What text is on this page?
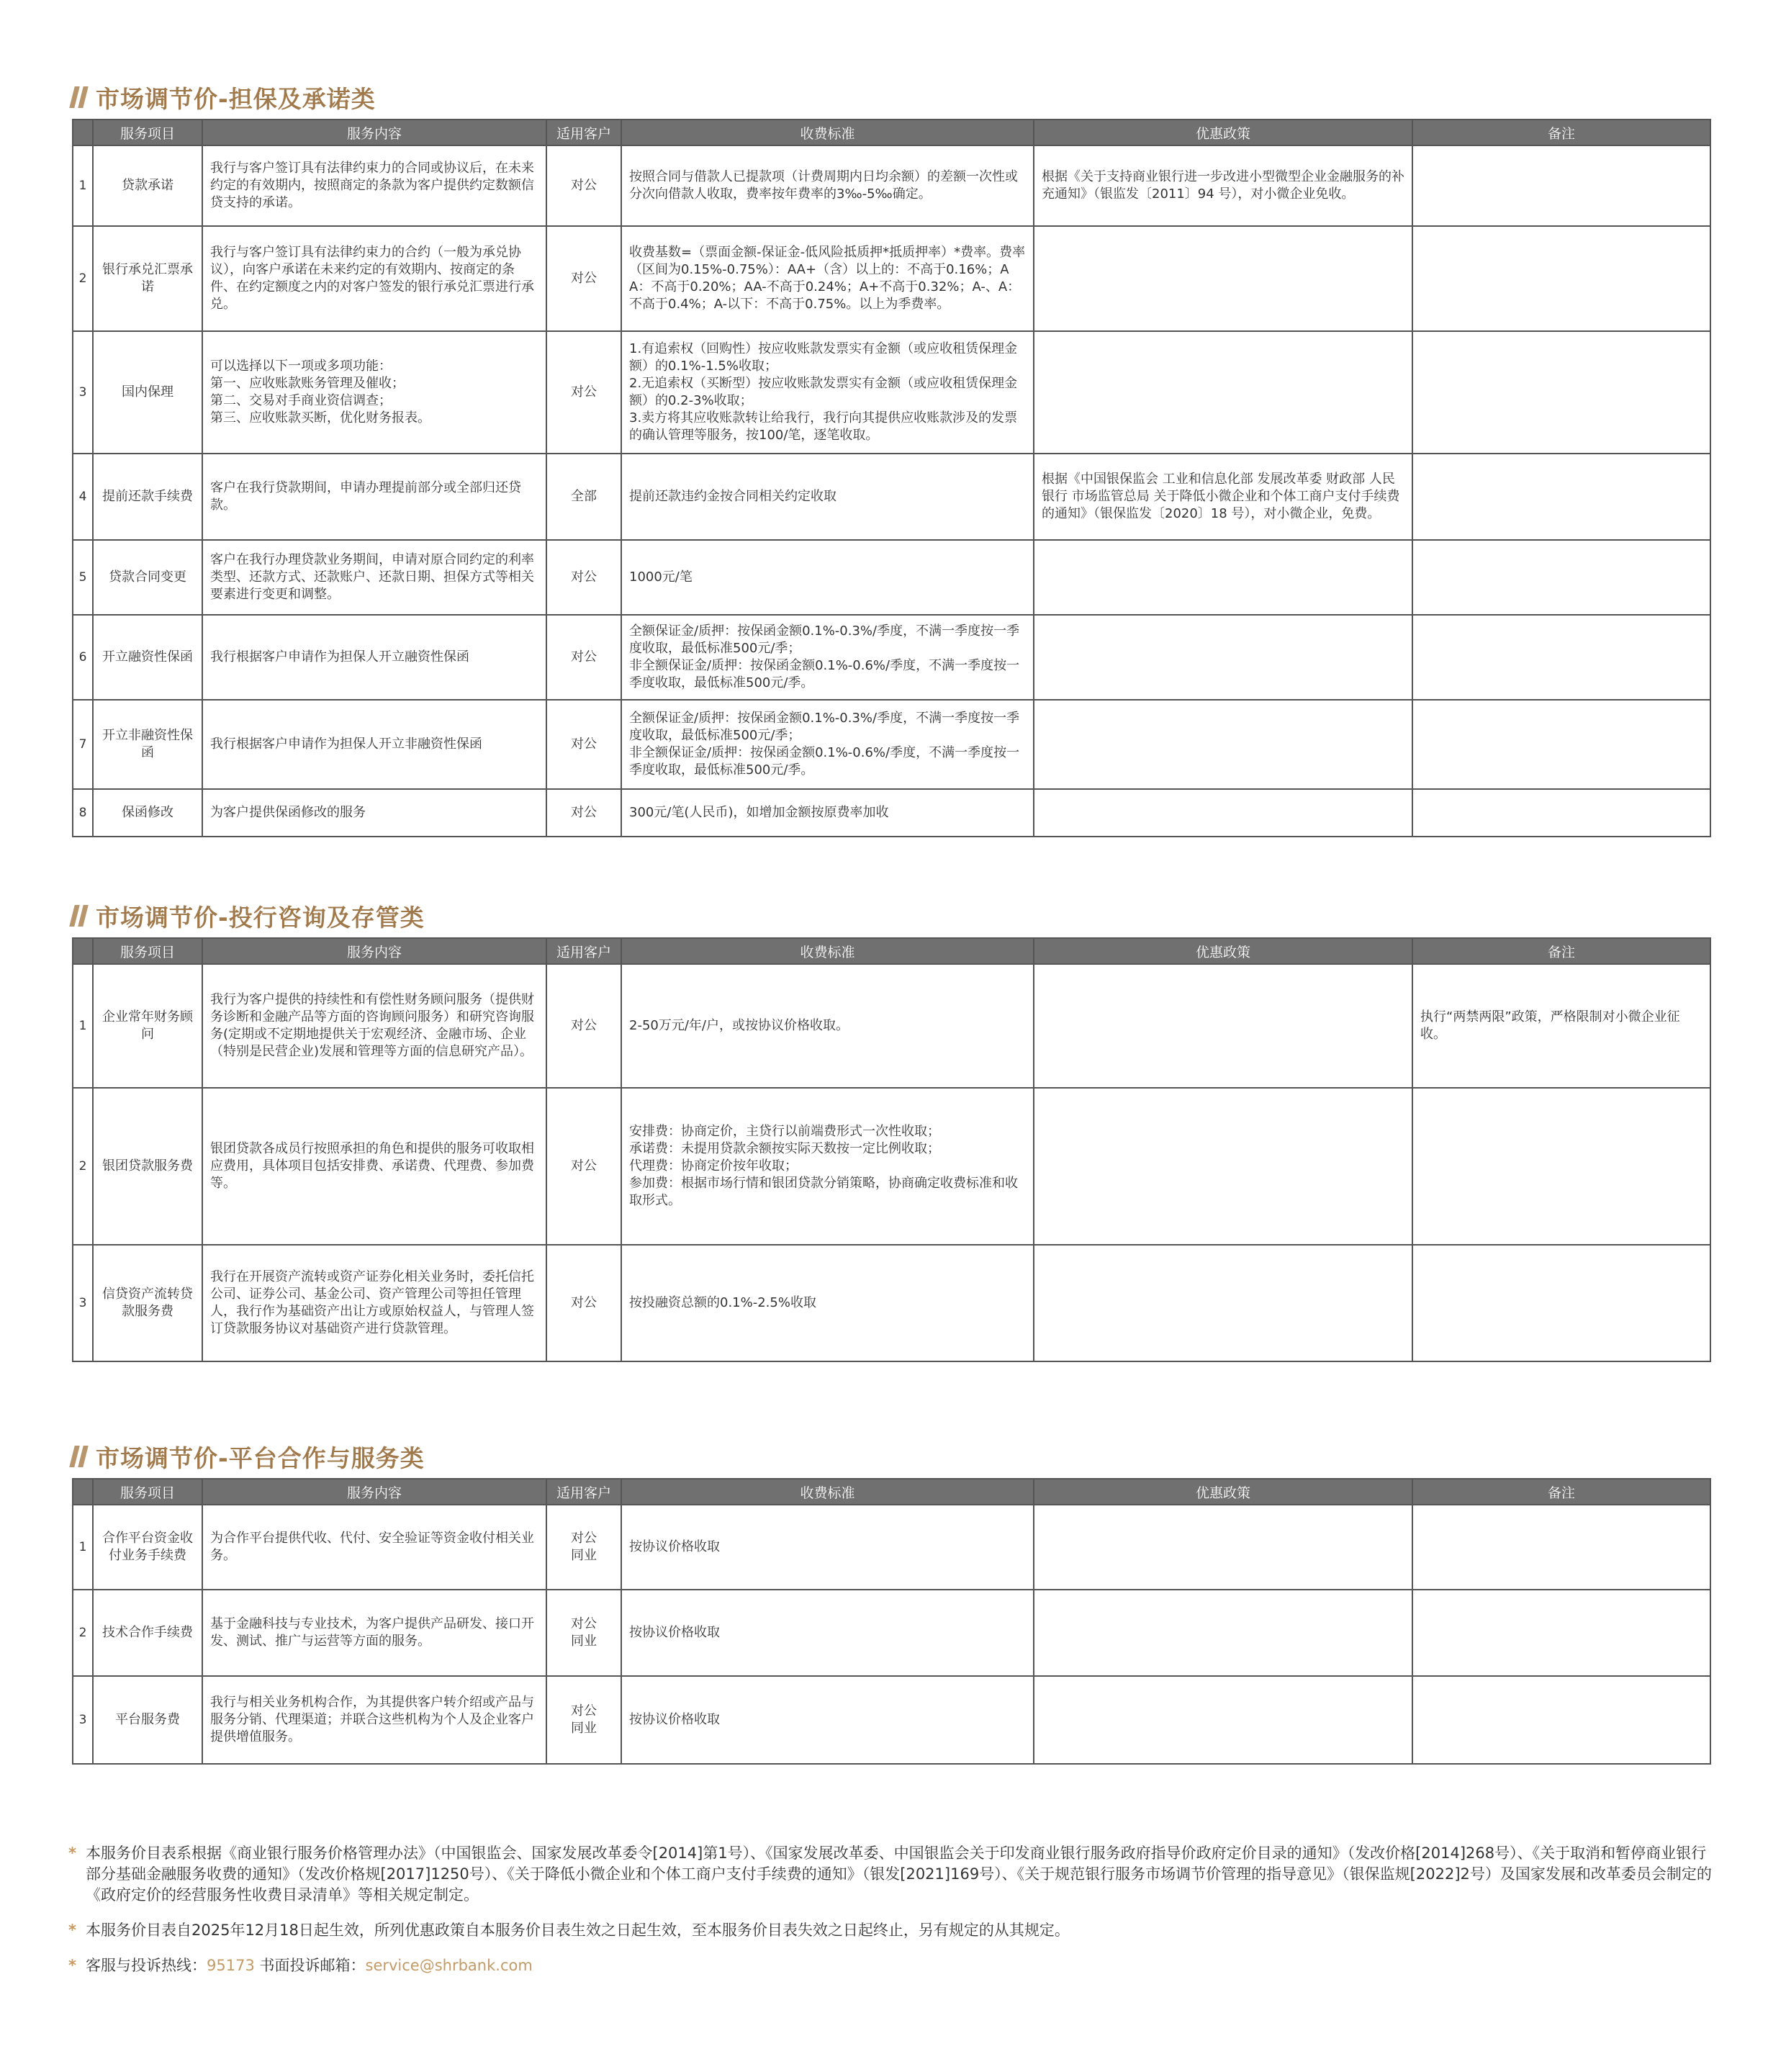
市场调节价-担保及承诺类
	服务项目	服务内容	适用客户	收费标准	优惠政策	备注
1	贷款承诺	我行与客户签订具有法律约束力的合同或协议后，在未来约定的有效期内，按照商定的条款为客户提供约定数额信贷支持的承诺。	对公	按照合同与借款人已提款项（计费周期内日均余额）的差额一次性或分次向借款人收取，费率按年费率的3‰-5‰确定。	根据《关于支持商业银行进一步改进小型微型企业金融服务的补充通知》（银监发〔2011〕94 号），对小微企业免收。	
2	银行承兑汇票承诺	我行与客户签订具有法律约束力的合约（一般为承兑协议），向客户承诺在未来约定的有效期内、按商定的条件、在约定额度之内的对客户签发的银行承兑汇票进行承兑。	对公	收费基数=（票面金额-保证金-低风险抵质押*抵质押率）*费率。费率（区间为0.15%-0.75%）：AA+（含）以上的：不高于0.16%；AA：不高于0.20%；AA-不高于0.24%；A+不高于0.32%；A-、A：不高于0.4%；A-以下：不高于0.75%。以上为季费率。		
3	国内保理	可以选择以下一项或多项功能：
第一、应收账款账务管理及催收；
第二、交易对手商业资信调查；
第三、应收账款买断，优化财务报表。	对公	1.有追索权（回购性）按应收账款发票实有金额（或应收租赁保理金额）的0.1%-1.5%收取；
2.无追索权（买断型）按应收账款发票实有金额（或应收租赁保理金额）的0.2-3%收取；
3.卖方将其应收账款转让给我行，我行向其提供应收账款涉及的发票的确认管理等服务，按100/笔，逐笔收取。		
4	提前还款手续费	客户在我行贷款期间，申请办理提前部分或全部归还贷款。	全部	提前还款违约金按合同相关约定收取	根据《中国银保监会 工业和信息化部 发展改革委 财政部 人民银行 市场监管总局 关于降低小微企业和个体工商户支付手续费的通知》（银保监发〔2020〕18 号），对小微企业，免费。	
5	贷款合同变更	客户在我行办理贷款业务期间，申请对原合同约定的利率类型、还款方式、还款账户、还款日期、担保方式等相关要素进行变更和调整。	对公	1000元/笔		
6	开立融资性保函	我行根据客户申请作为担保人开立融资性保函	对公	全额保证金/质押：按保函金额0.1%-0.3%/季度，不满一季度按一季度收取，最低标准500元/季；
非全额保证金/质押：按保函金额0.1%-0.6%/季度，不满一季度按一季度收取，最低标准500元/季。		
7	开立非融资性保函	我行根据客户申请作为担保人开立非融资性保函	对公	全额保证金/质押：按保函金额0.1%-0.3%/季度，不满一季度按一季度收取，最低标准500元/季；
非全额保证金/质押：按保函金额0.1%-0.6%/季度，不满一季度按一季度收取，最低标准500元/季。		
8	保函修改	为客户提供保函修改的服务	对公	300元/笔(人民币)，如增加金额按原费率加收		
市场调节价-投行咨询及存管类
	服务项目	服务内容	适用客户	收费标准	优惠政策	备注
1	企业常年财务顾问	我行为客户提供的持续性和有偿性财务顾问服务（提供财务诊断和金融产品等方面的咨询顾问服务）和研究咨询服务(定期或不定期地提供关于宏观经济、金融市场、企业（特别是民营企业)发展和管理等方面的信息研究产品）。	对公	2-50万元/年/户，或按协议价格收取。		执行“两禁两限”政策，严格限制对小微企业征收。
2	银团贷款服务费	银团贷款各成员行按照承担的角色和提供的服务可收取相应费用，具体项目包括安排费、承诺费、代理费、参加费等。	对公	安排费：协商定价，主贷行以前端费形式一次性收取；
承诺费：未提用贷款余额按实际天数按一定比例收取；
代理费：协商定价按年收取；
参加费：根据市场行情和银团贷款分销策略，协商确定收费标准和收取形式。		
3	信贷资产流转贷款服务费	我行在开展资产流转或资产证券化相关业务时，委托信托公司、证券公司、基金公司、资产管理公司等担任管理人，我行作为基础资产出让方或原始权益人，与管理人签订贷款服务协议对基础资产进行贷款管理。	对公	按投融资总额的0.1%-2.5%收取		
市场调节价-平台合作与服务类
	服务项目	服务内容	适用客户	收费标准	优惠政策	备注
1	合作平台资金收付业务手续费	为合作平台提供代收、代付、安全验证等资金收付相关业务。	对公
同业	按协议价格收取		
2	技术合作手续费	基于金融科技与专业技术，为客户提供产品研发、接口开发、测试、推广与运营等方面的服务。	对公
同业	按协议价格收取		
3	平台服务费	我行与相关业务机构合作，为其提供客户转介绍或产品与服务分销、代理渠道；并联合这些机构为个人及企业客户提供增值服务。	对公
同业	按协议价格收取		
* 本服务价目表系根据《商业银行服务价格管理办法》（中国银监会、国家发展改革委令[2014]第1号）、《国家发展改革委、中国银监会关于印发商业银行服务政府指导价政府定价目录的通知》（发改价格[2014]268号）、《关于取消和暂停商业银行部分基础金融服务收费的通知》（发改价格规[2017]1250号）、《关于降低小微企业和个体工商户支付手续费的通知》（银发[2021]169号）、《关于规范银行服务市场调节价管理的指导意见》（银保监规[2022]2号）及国家发展和改革委员会制定的《政府定价的经营服务性收费目录清单》等相关规定制定。
* 本服务价目表自2025年12月18日起生效，所列优惠政策自本服务价目表生效之日起生效，至本服务价目表失效之日起终止，另有规定的从其规定。
* 客服与投诉热线：95173 书面投诉邮箱：service@shrbank.com
